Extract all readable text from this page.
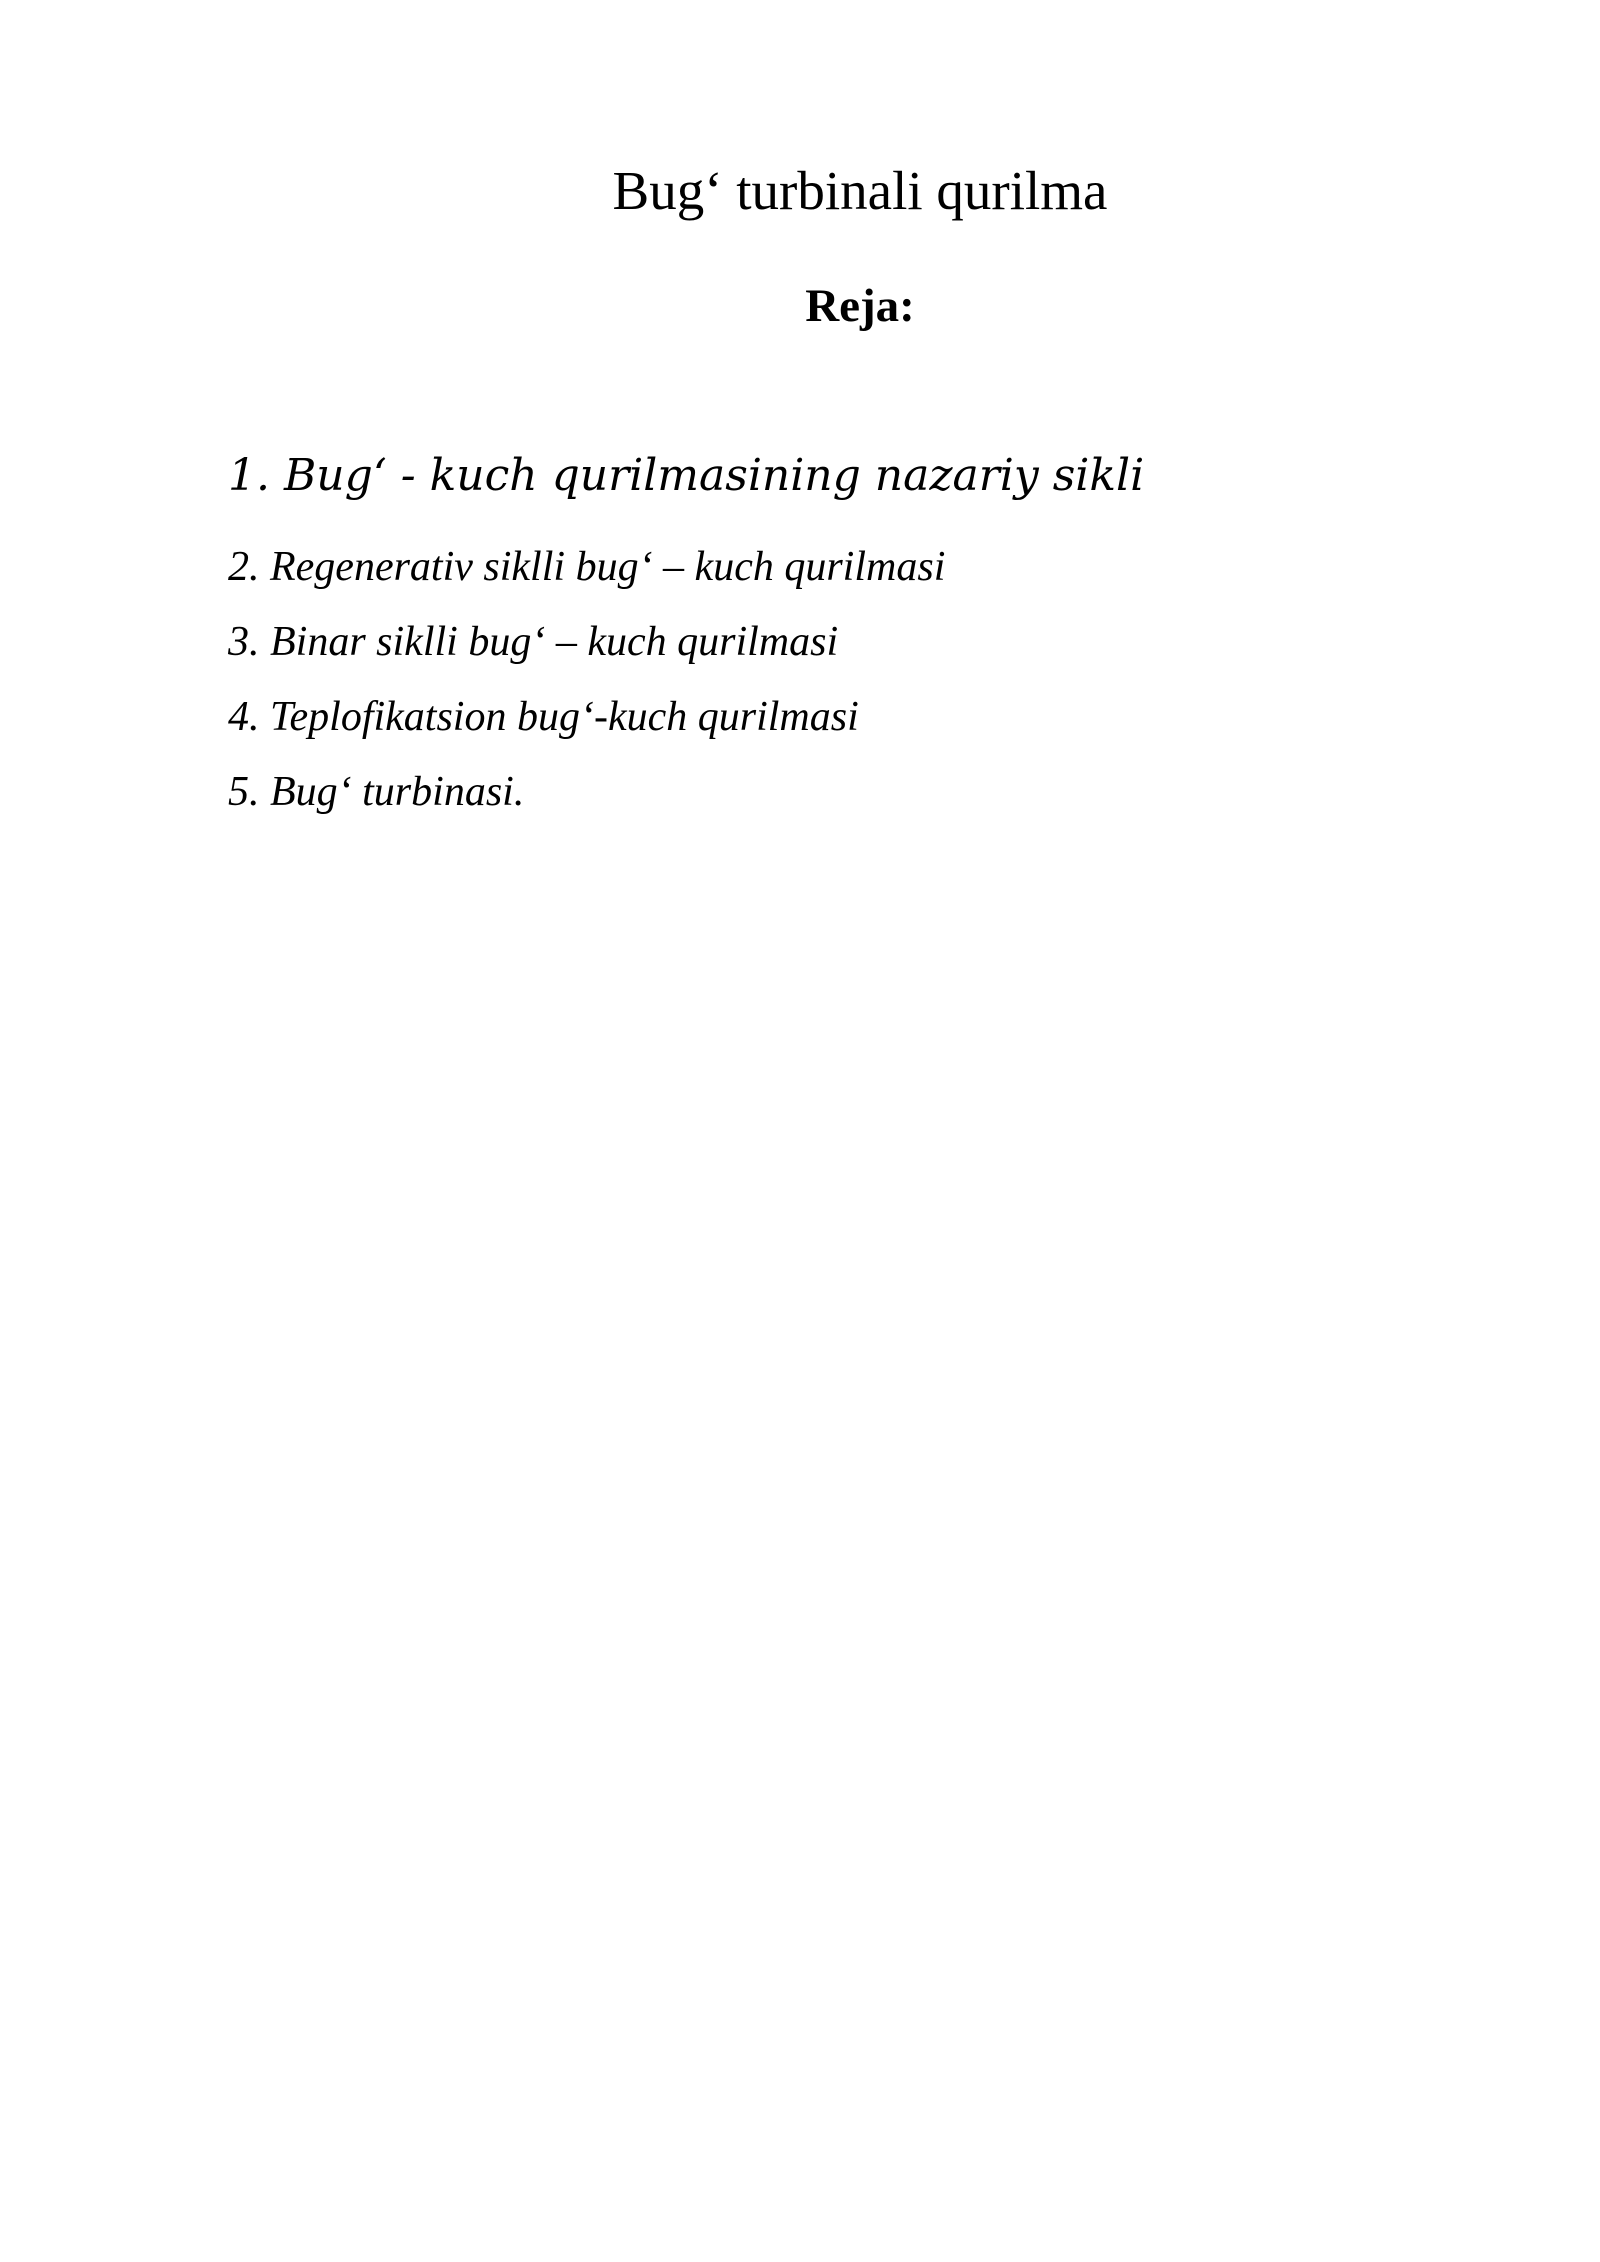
Bug‘ turbinali qurilma
Reja:
1. Bug‘ - kuch qurilmasining nazariy sikli
2. Regenerativ siklli bug‘ – kuch qurilmasi
3. Binar siklli bug‘ – kuch qurilmasi
4. Teplofikatsion bug‘-kuch qurilmasi
5. Bug‘ turbinasi.
